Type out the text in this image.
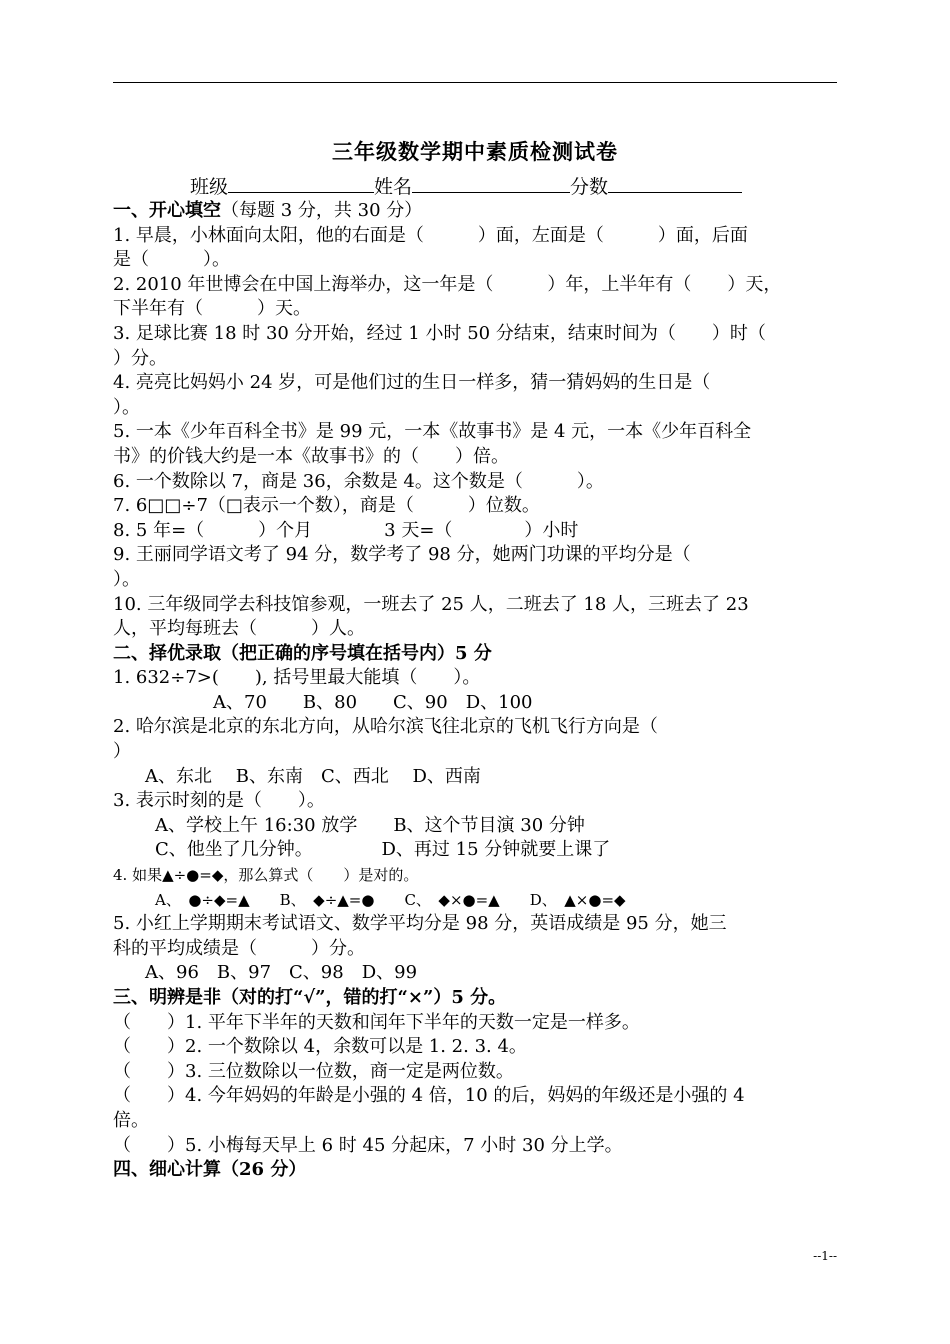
三年级数学期中素质检测试卷
班级	姓名	分数
一、开心填空（每题 3 分，共 30 分）
1. 早晨，小林面向太阳，他的右面是（　　　）面，左面是（　　　）面，后面
是（　　　）。
2. 2010 年世博会在中国上海举办，这一年是（　　　）年，上半年有（　　）天，
下半年有（　　　）天。
3. 足球比赛 18 时 30 分开始，经过 1 小时 50 分结束，结束时间为（　　）时（
）分。
4. 亮亮比妈妈小 24 岁，可是他们过的生日一样多，猜一猜妈妈的生日是（
）。
5. 一本《少年百科全书》是 99 元，一本《故事书》是 4 元，一本《少年百科全
书》的价钱大约是一本《故事书》的（　　）倍。
6. 一个数除以 7，商是 36，余数是 4。这个数是（　　　）。
7. 6□□÷7（□表示一个数），商是（　　　）位数。
8. 5 年=（　　　）个月　　　　3 天=（　　　　）小时
9. 王丽同学语文考了 94 分，数学考了 98 分，她两门功课的平均分是（
）。
10. 三年级同学去科技馆参观，一班去了 25 人，二班去了 18 人，三班去了 23
人，平均每班去（　　　）人。
二、择优录取（把正确的序号填在括号内）5 分
1. 632÷7>(　　), 括号里最大能填（　　）。
A、70　　B、80　　C、90　D、100
2. 哈尔滨是北京的东北方向，从哈尔滨飞往北京的飞机飞行方向是（
）
A、东北　 B、东南　C、西北　 D、西南
3. 表示时刻的是（　　）。
A、学校上午 16:30 放学　　B、这个节目演 30 分钟
C、他坐了几分钟。　　　　 D、再过 15 分钟就要上课了
4. 如果▲÷●=◆，那么算式（　　）是对的。
A、　●÷◆=▲　　B、　◆÷▲=●　　C、　◆×●=▲　　D、　▲×●=◆
5. 小红上学期期末考试语文、数学平均分是 98 分，英语成绩是 95 分，她三
科的平均成绩是（　　　）分。
A、96　B、97　C、98　D、99
三、明辨是非（对的打“√”，错的打“×”）5 分。
（　　）1. 平年下半年的天数和闰年下半年的天数一定是一样多。
（　　）2. 一个数除以 4，余数可以是 1. 2. 3. 4。
（　　）3. 三位数除以一位数，商一定是两位数。
（　　）4. 今年妈妈的年龄是小强的 4 倍，10 的后，妈妈的年级还是小强的 4
倍。
（　　）5. 小梅每天早上 6 时 45 分起床，7 小时 30 分上学。
四、细心计算（26 分）
--1--
